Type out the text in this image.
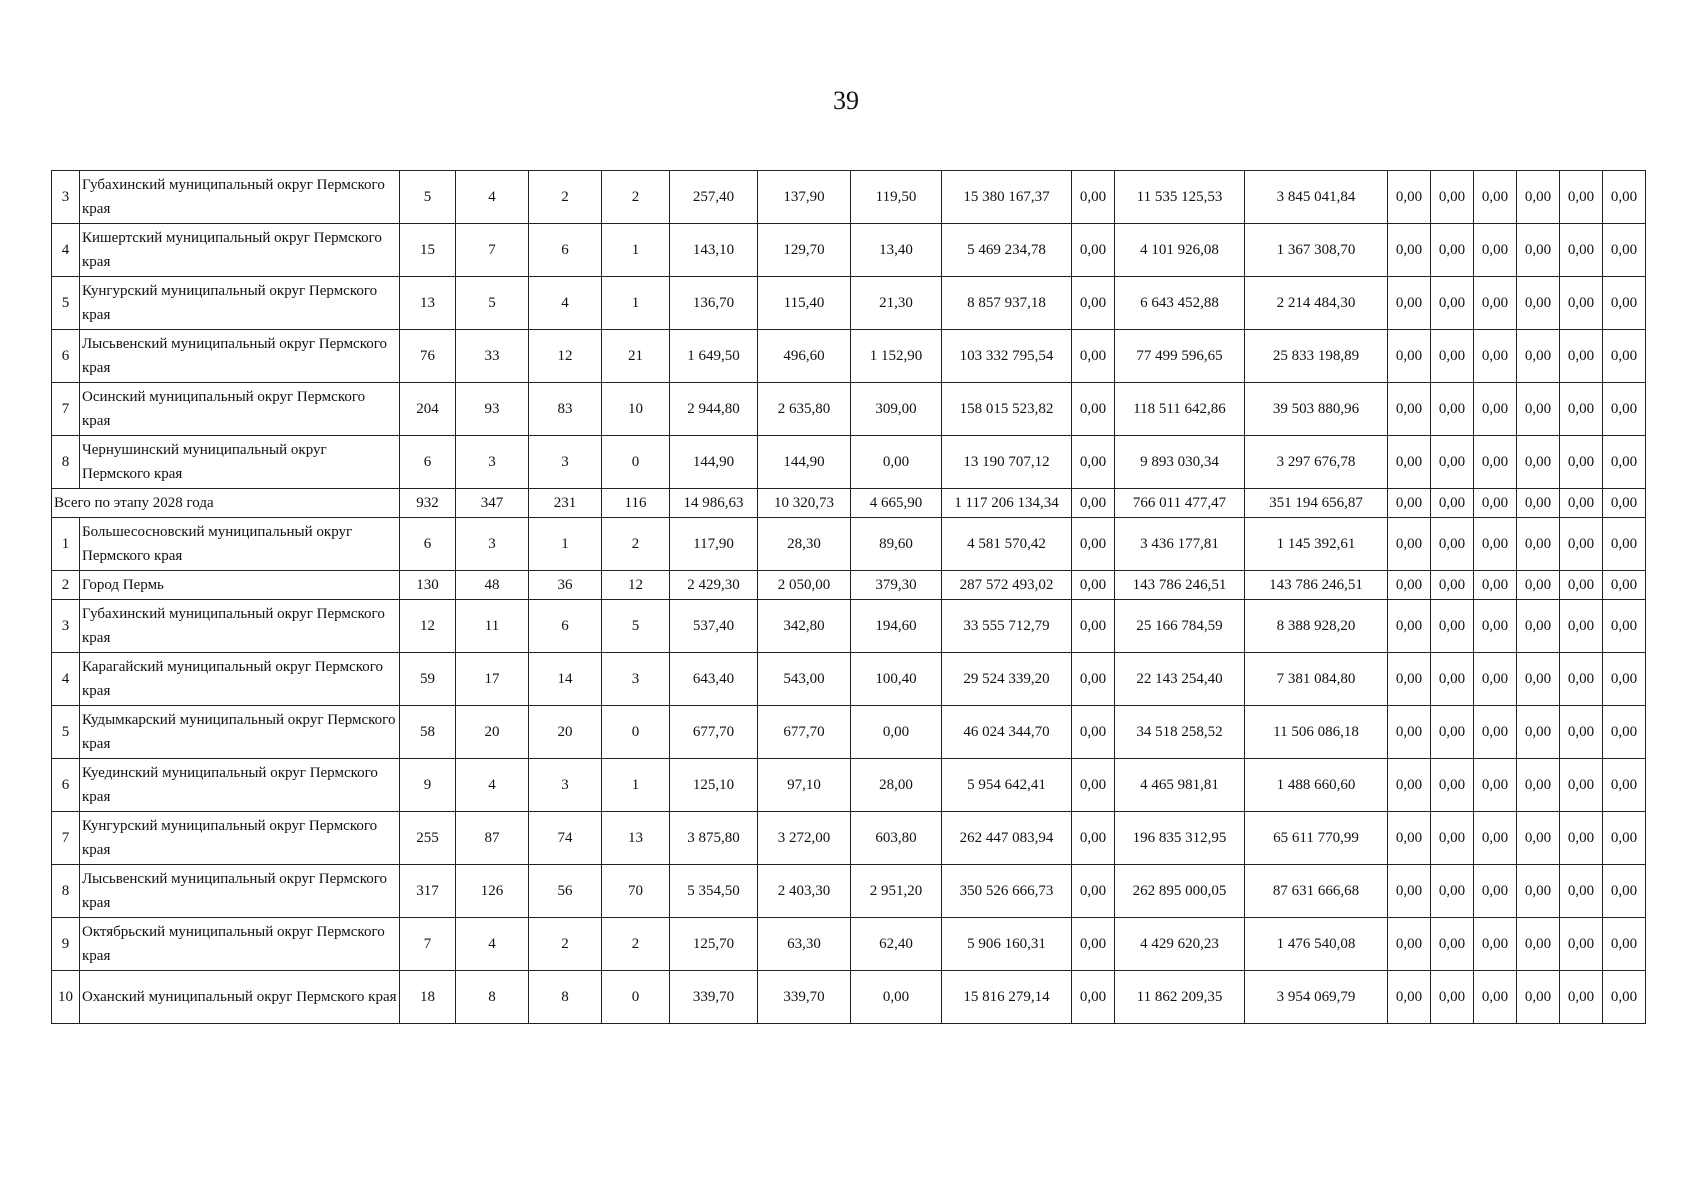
39
3	Губахинский муниципальный округ Пермского края	5	4	2	2	257,40	137,90	119,50	15 380 167,37	0,00	11 535 125,53	3 845 041,84	0,00	0,00	0,00	0,00	0,00	0,00
4	Кишертский муниципальный округ Пермского края	15	7	6	1	143,10	129,70	13,40	5 469 234,78	0,00	4 101 926,08	1 367 308,70	0,00	0,00	0,00	0,00	0,00	0,00
5	Кунгурский муниципальный округ Пермского края	13	5	4	1	136,70	115,40	21,30	8 857 937,18	0,00	6 643 452,88	2 214 484,30	0,00	0,00	0,00	0,00	0,00	0,00
6	Лысьвенский муниципальный округ Пермского края	76	33	12	21	1 649,50	496,60	1 152,90	103 332 795,54	0,00	77 499 596,65	25 833 198,89	0,00	0,00	0,00	0,00	0,00	0,00
7	Осинский муниципальный округ Пермского края	204	93	83	10	2 944,80	2 635,80	309,00	158 015 523,82	0,00	118 511 642,86	39 503 880,96	0,00	0,00	0,00	0,00	0,00	0,00
8	Чернушинский муниципальный округ Пермского края	6	3	3	0	144,90	144,90	0,00	13 190 707,12	0,00	9 893 030,34	3 297 676,78	0,00	0,00	0,00	0,00	0,00	0,00
Всего по этапу 2028 года		932	347	231	116	14 986,63	10 320,73	4 665,90	1 117 206 134,34	0,00	766 011 477,47	351 194 656,87	0,00	0,00	0,00	0,00	0,00	0,00
1	Большесосновский муниципальный округ Пермского края	6	3	1	2	117,90	28,30	89,60	4 581 570,42	0,00	3 436 177,81	1 145 392,61	0,00	0,00	0,00	0,00	0,00	0,00
2	Город Пермь	130	48	36	12	2 429,30	2 050,00	379,30	287 572 493,02	0,00	143 786 246,51	143 786 246,51	0,00	0,00	0,00	0,00	0,00	0,00
3	Губахинский муниципальный округ Пермского края	12	11	6	5	537,40	342,80	194,60	33 555 712,79	0,00	25 166 784,59	8 388 928,20	0,00	0,00	0,00	0,00	0,00	0,00
4	Карагайский муниципальный округ Пермского края	59	17	14	3	643,40	543,00	100,40	29 524 339,20	0,00	22 143 254,40	7 381 084,80	0,00	0,00	0,00	0,00	0,00	0,00
5	Кудымкарский муниципальный округ Пермского края	58	20	20	0	677,70	677,70	0,00	46 024 344,70	0,00	34 518 258,52	11 506 086,18	0,00	0,00	0,00	0,00	0,00	0,00
6	Куединский муниципальный округ Пермского края	9	4	3	1	125,10	97,10	28,00	5 954 642,41	0,00	4 465 981,81	1 488 660,60	0,00	0,00	0,00	0,00	0,00	0,00
7	Кунгурский муниципальный округ Пермского края	255	87	74	13	3 875,80	3 272,00	603,80	262 447 083,94	0,00	196 835 312,95	65 611 770,99	0,00	0,00	0,00	0,00	0,00	0,00
8	Лысьвенский муниципальный округ Пермского края	317	126	56	70	5 354,50	2 403,30	2 951,20	350 526 666,73	0,00	262 895 000,05	87 631 666,68	0,00	0,00	0,00	0,00	0,00	0,00
9	Октябрьский муниципальный округ Пермского края	7	4	2	2	125,70	63,30	62,40	5 906 160,31	0,00	4 429 620,23	1 476 540,08	0,00	0,00	0,00	0,00	0,00	0,00
10	Оханский муниципальный округ Пермского края	18	8	8	0	339,70	339,70	0,00	15 816 279,14	0,00	11 862 209,35	3 954 069,79	0,00	0,00	0,00	0,00	0,00	0,00
